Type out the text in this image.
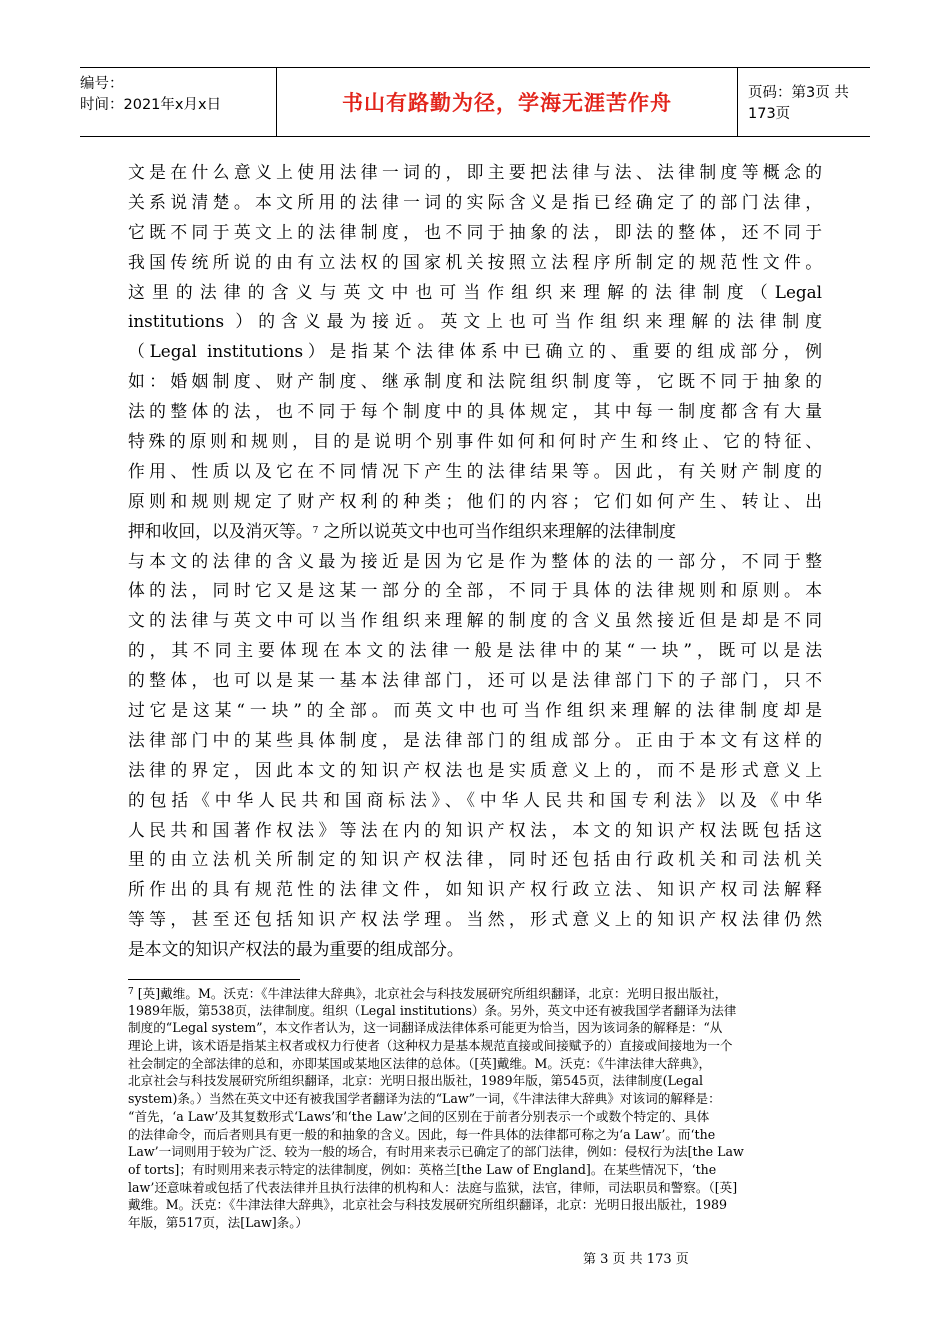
编号：
时间：2021年x月x日	书山有路勤为径，学海无涯苦作舟	页码：第3页 共173页
文是在什么意义上使用法律一词的，即主要把法律与法、法律制度等概念的
关系说清楚。本文所用的法律一词的实际含义是指已经确定了的部门法律，
它既不同于英文上的法律制度，也不同于抽象的法，即法的整体，还不同于
我国传统所说的由有立法权的国家机关按照立法程序所制定的规范性文件。
这里的法律的含义与英文中也可当作组织来理解的法律制度（Legal
institutions ）的含义最为接近。英文上也可当作组织来理解的法律制度
（Legal institutions）是指某个法律体系中已确立的、重要的组成部分，例
如：婚姻制度、财产制度、继承制度和法院组织制度等，它既不同于抽象的
法的整体的法，也不同于每个制度中的具体规定，其中每一制度都含有大量
特殊的原则和规则，目的是说明个别事件如何和何时产生和终止、它的特征、
作用、性质以及它在不同情况下产生的法律结果等。因此，有关财产制度的
原则和规则规定了财产权利的种类；他们的内容；它们如何产生、转让、出
押和收回，以及消灭等。$^7$ 之所以说英文中也可当作组织来理解的法律制度
与本文的法律的含义最为接近是因为它是作为整体的法的一部分，不同于整
体的法，同时它又是这某一部分的全部，不同于具体的法律规则和原则。本
文的法律与英文中可以当作组织来理解的制度的含义虽然接近但是却是不同
的，其不同主要体现在本文的法律一般是法律中的某“一块”，既可以是法
的整体，也可以是某一基本法律部门，还可以是法律部门下的子部门，只不
过它是这某“一块”的全部。而英文中也可当作组织来理解的法律制度却是
法律部门中的某些具体制度，是法律部门的组成部分。正由于本文有这样的
法律的界定，因此本文的知识产权法也是实质意义上的，而不是形式意义上
的包括《中华人民共和国商标法》、《中华人民共和国专利法》以及《中华
人民共和国著作权法》等法在内的知识产权法，本文的知识产权法既包括这
里的由立法机关所制定的知识产权法律，同时还包括由行政机关和司法机关
所作出的具有规范性的法律文件，如知识产权行政立法、知识产权司法解释
等等，甚至还包括知识产权法学理。当然，形式意义上的知识产权法律仍然
是本文的知识产权法的最为重要的组成部分。
$^7$ [英]戴维。M。沃克：《牛津法律大辞典》，北京社会与科技发展研究所组织翻译，北京：光明日报出版社，
1989年版，第538页，法律制度。组织（Legal institutions）条。另外，英文中还有被我国学者翻译为法律
制度的“Legal system”，本文作者认为，这一词翻译成法律体系可能更为恰当，因为该词条的解释是：“从
理论上讲，该术语是指某主权者或权力行使者（这种权力是基本规范直接或间接赋予的）直接或间接地为一个
社会制定的全部法律的总和，亦即某国或某地区法律的总体。（[英]戴维。M。沃克：《牛津法律大辞典》，
北京社会与科技发展研究所组织翻译，北京：光明日报出版社，1989年版，第545页，法律制度(Legal
system)条。）当然在英文中还有被我国学者翻译为法的“Law”一词，《牛津法律大辞典》对该词的解释是：
“首先，‘a Law’及其复数形式‘Laws’和‘the Law’之间的区别在于前者分别表示一个或数个特定的、具体
的法律命令，而后者则具有更一般的和抽象的含义。因此，每一件具体的法律都可称之为‘a Law’。而‘the
Law’一词则用于较为广泛、较为一般的场合，有时用来表示已确定了的部门法律，例如：侵权行为法[the Law
of torts]；有时则用来表示特定的法律制度，例如：英格兰[the Law of England]。在某些情况下，‘the
law’还意味着或包括了代表法律并且执行法律的机构和人：法庭与监狱，法官，律师，司法职员和警察。（[英]
戴维。M。沃克：《牛津法律大辞典》，北京社会与科技发展研究所组织翻译，北京：光明日报出版社，1989
年版，第517页，法[Law]条。）
第 3 页 共 173 页
